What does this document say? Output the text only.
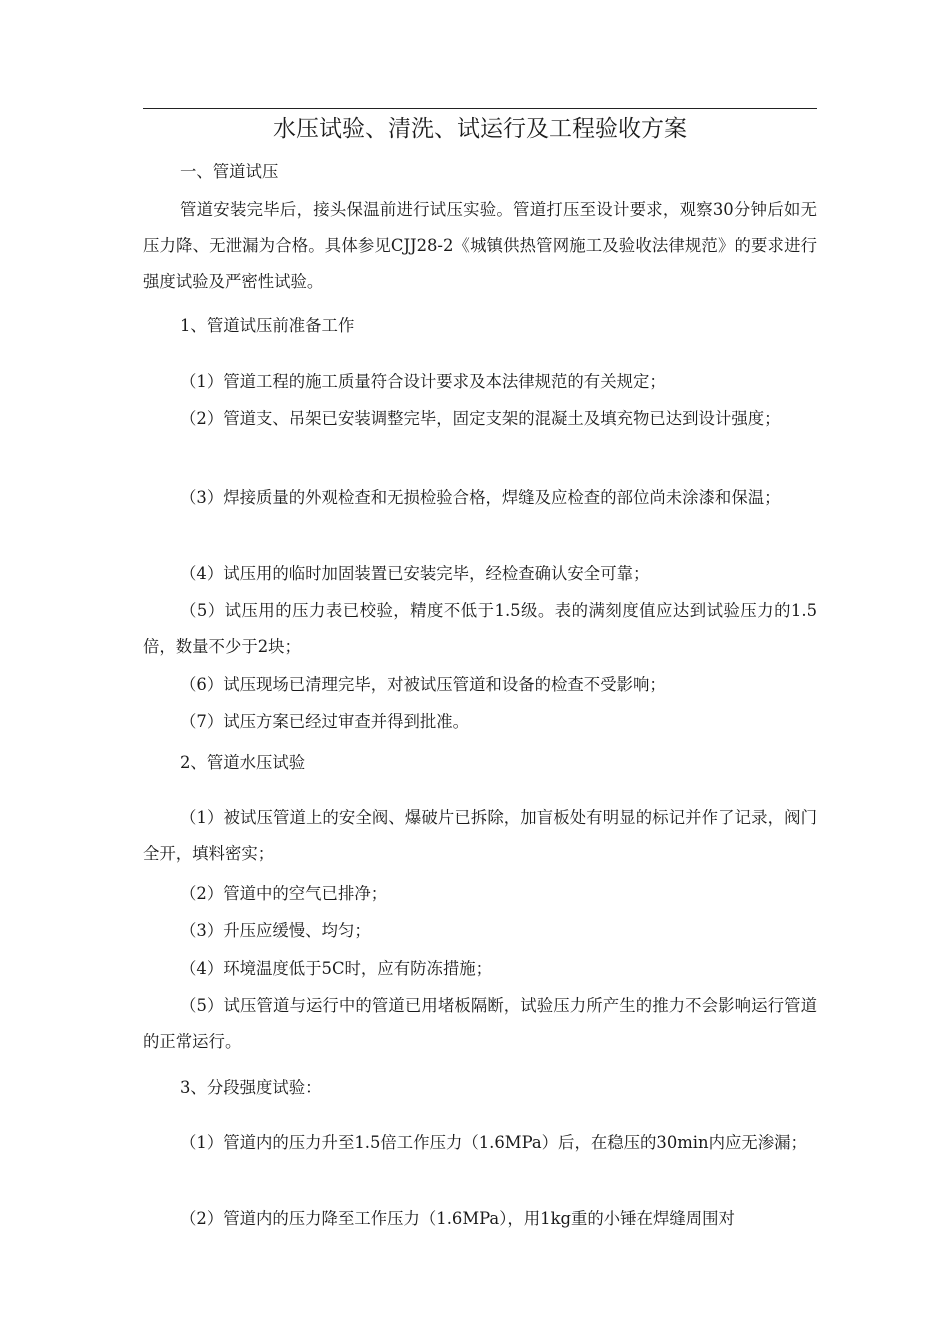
水压试验、清洗、试运行及工程验收方案

一、管道试压

管道安装完毕后，接头保温前进行试压实验。管道打压至设计要求，观察30分钟后如无压力降、无泄漏为合格。具体参见CJJ28-2《城镇供热管网施工及验收法律规范》的要求进行强度试验及严密性试验。

1、管道试压前准备工作

（1）管道工程的施工质量符合设计要求及本法律规范的有关规定；

（2）管道支、吊架已安装调整完毕，固定支架的混凝土及填充物已达到设计强度；

（3）焊接质量的外观检查和无损检验合格，焊缝及应检查的部位尚未涂漆和保温；

（4）试压用的临时加固装置已安装完毕，经检查确认安全可靠；

（5）试压用的压力表已校验，精度不低于1.5级。表的满刻度值应达到试验压力的1.5倍，数量不少于2块；

（6）试压现场已清理完毕，对被试压管道和设备的检查不受影响；

（7）试压方案已经过审查并得到批准。

2、管道水压试验

（1）被试压管道上的安全阀、爆破片已拆除，加盲板处有明显的标记并作了记录，阀门全开，填料密实；

（2）管道中的空气已排净；

（3）升压应缓慢、均匀；

（4）环境温度低于5C时，应有防冻措施；

（5）试压管道与运行中的管道已用堵板隔断，试验压力所产生的推力不会影响运行管道的正常运行。

3、分段强度试验：

（1）管道内的压力升至1.5倍工作压力（1.6MPa）后，在稳压的30min内应无渗漏；

（2）管道内的压力降至工作压力（1.6MPa），用1kg重的小锤在焊缝周围对
